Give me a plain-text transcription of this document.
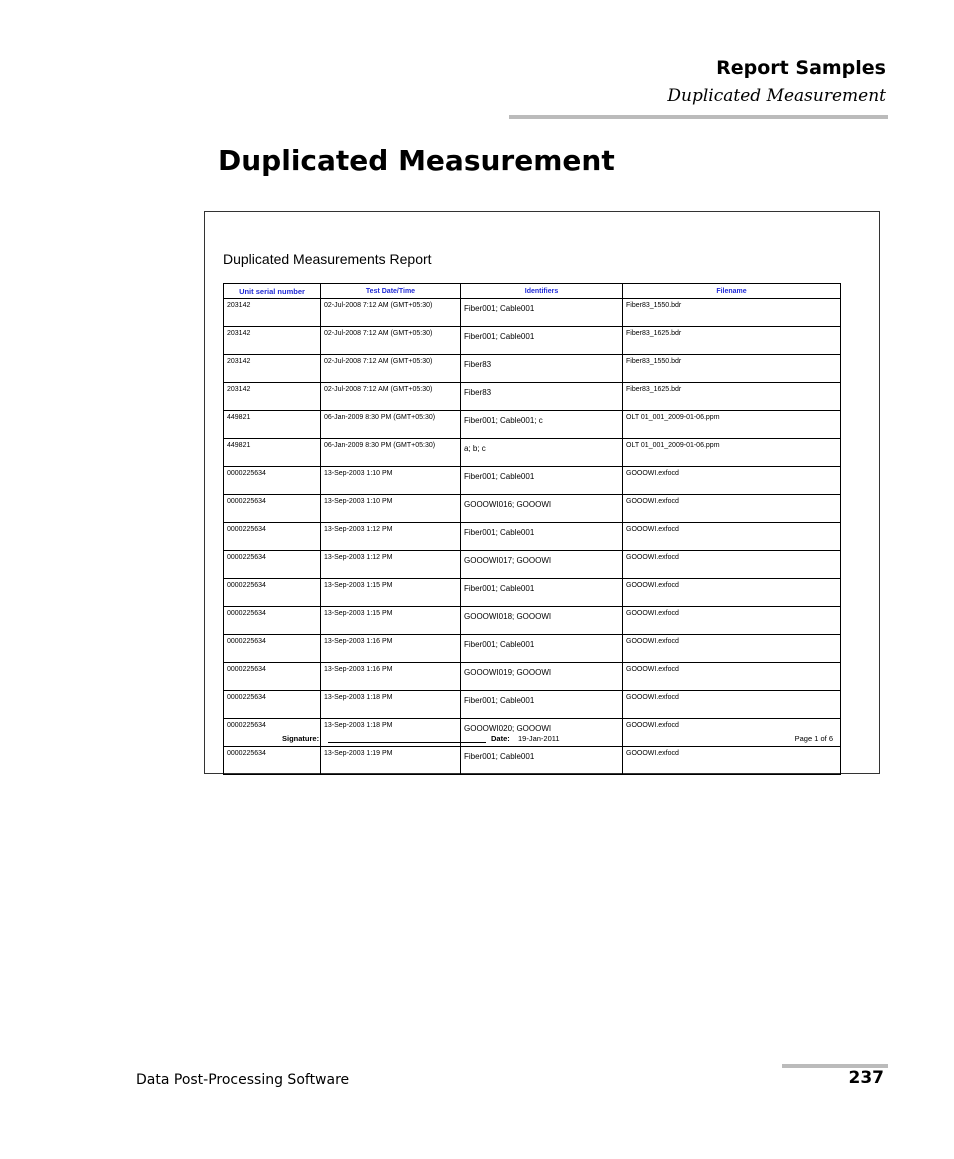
Report Samples
Duplicated Measurement
Duplicated Measurement
Duplicated Measurements Report
Unit serial number	Test Date/Time	Identifiers	Filename
203142	02-Jul-2008 7:12 AM (GMT+05:30)	Fiber001; Cable001	Fiber83_1550.bdr
203142	02-Jul-2008 7:12 AM (GMT+05:30)	Fiber001; Cable001	Fiber83_1625.bdr
203142	02-Jul-2008 7:12 AM (GMT+05:30)	Fiber83	Fiber83_1550.bdr
203142	02-Jul-2008 7:12 AM (GMT+05:30)	Fiber83	Fiber83_1625.bdr
449821	06-Jan-2009 8:30 PM (GMT+05:30)	Fiber001; Cable001; c	OLT 01_001_2009-01-06.ppm
449821	06-Jan-2009 8:30 PM (GMT+05:30)	a; b; c	OLT 01_001_2009-01-06.ppm
0000225634	13-Sep-2003 1:10 PM	Fiber001; Cable001	GOOOWI.exfocd
0000225634	13-Sep-2003 1:10 PM	GOOOWI016; GOOOWI	GOOOWI.exfocd
0000225634	13-Sep-2003 1:12 PM	Fiber001; Cable001	GOOOWI.exfocd
0000225634	13-Sep-2003 1:12 PM	GOOOWI017; GOOOWI	GOOOWI.exfocd
0000225634	13-Sep-2003 1:15 PM	Fiber001; Cable001	GOOOWI.exfocd
0000225634	13-Sep-2003 1:15 PM	GOOOWI018; GOOOWI	GOOOWI.exfocd
0000225634	13-Sep-2003 1:16 PM	Fiber001; Cable001	GOOOWI.exfocd
0000225634	13-Sep-2003 1:16 PM	GOOOWI019; GOOOWI	GOOOWI.exfocd
0000225634	13-Sep-2003 1:18 PM	Fiber001; Cable001	GOOOWI.exfocd
0000225634	13-Sep-2003 1:18 PM	GOOOWI020; GOOOWI	GOOOWI.exfocd
0000225634	13-Sep-2003 1:19 PM	Fiber001; Cable001	GOOOWI.exfocd
Signature:	Date: 19-Jan-2011	Page 1 of 6
Data Post-Processing Software	237
